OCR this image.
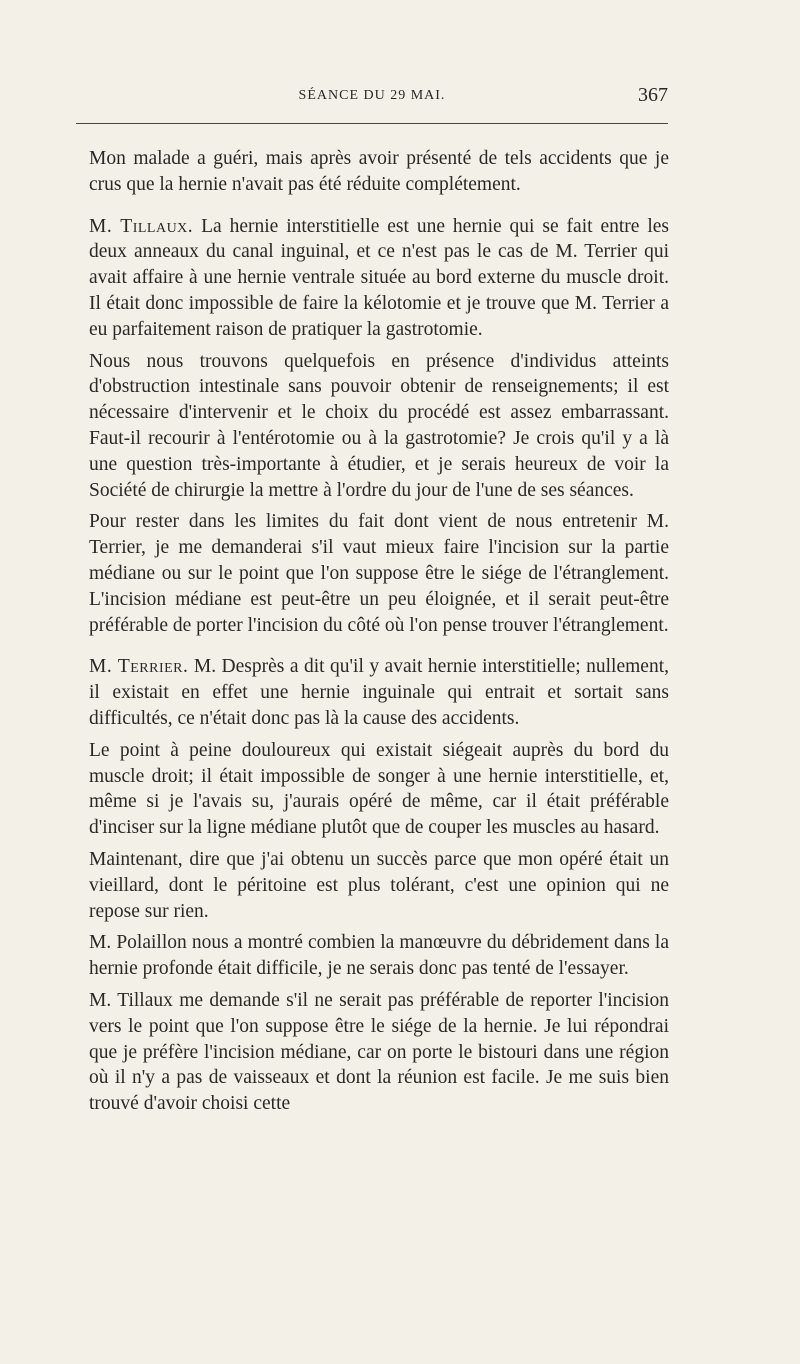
SÉANCE DU 29 MAI.	367

Mon malade a guéri, mais après avoir présenté de tels accidents que je crus que la hernie n'avait pas été réduite complétement.

M. Tillaux. La hernie interstitielle est une hernie qui se fait entre les deux anneaux du canal inguinal, et ce n'est pas le cas de M. Terrier qui avait affaire à une hernie ventrale située au bord externe du muscle droit. Il était donc impossible de faire la kélotomie et je trouve que M. Terrier a eu parfaitement raison de pratiquer la gastrotomie.

Nous nous trouvons quelquefois en présence d'individus atteints d'obstruction intestinale sans pouvoir obtenir de renseignements; il est nécessaire d'intervenir et le choix du procédé est assez embarrassant. Faut-il recourir à l'entérotomie ou à la gastrotomie? Je crois qu'il y a là une question très-importante à étudier, et je serais heureux de voir la Société de chirurgie la mettre à l'ordre du jour de l'une de ses séances.

Pour rester dans les limites du fait dont vient de nous entretenir M. Terrier, je me demanderai s'il vaut mieux faire l'incision sur la partie médiane ou sur le point que l'on suppose être le siége de l'étranglement. L'incision médiane est peut-être un peu éloignée, et il serait peut-être préférable de porter l'incision du côté où l'on pense trouver l'étranglement.

M. Terrier. M. Desprès a dit qu'il y avait hernie interstitielle; nullement, il existait en effet une hernie inguinale qui entrait et sortait sans difficultés, ce n'était donc pas là la cause des accidents.

Le point à peine douloureux qui existait siégeait auprès du bord du muscle droit; il était impossible de songer à une hernie interstitielle, et, même si je l'avais su, j'aurais opéré de même, car il était préférable d'inciser sur la ligne médiane plutôt que de couper les muscles au hasard.

Maintenant, dire que j'ai obtenu un succès parce que mon opéré était un vieillard, dont le péritoine est plus tolérant, c'est une opinion qui ne repose sur rien.

M. Polaillon nous a montré combien la manœuvre du débridement dans la hernie profonde était difficile, je ne serais donc pas tenté de l'essayer.

M. Tillaux me demande s'il ne serait pas préférable de reporter l'incision vers le point que l'on suppose être le siége de la hernie. Je lui répondrai que je préfère l'incision médiane, car on porte le bistouri dans une région où il n'y a pas de vaisseaux et dont la réunion est facile. Je me suis bien trouvé d'avoir choisi cette
